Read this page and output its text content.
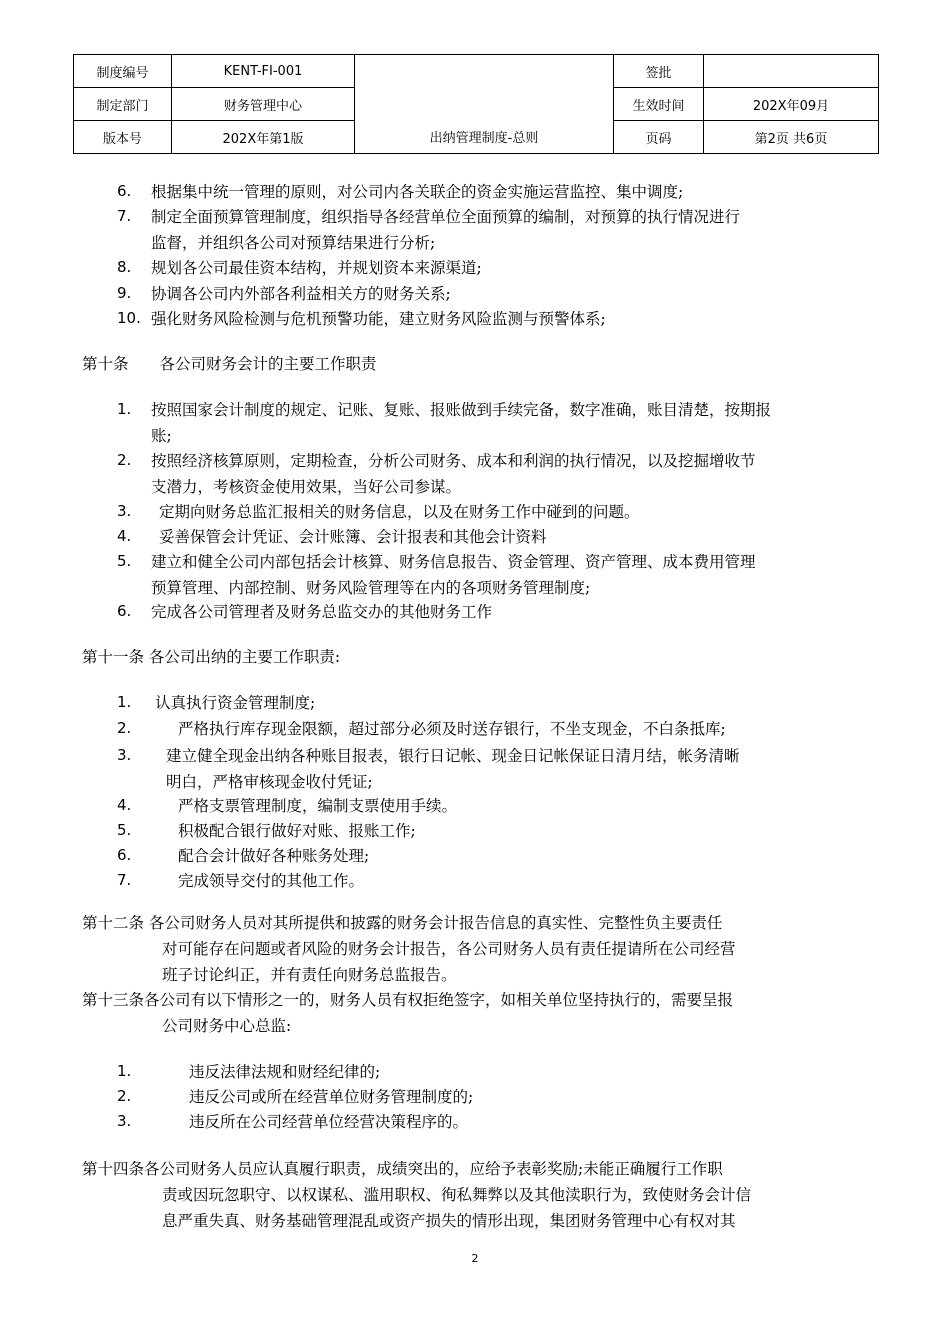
制度编号	KENT-FI-001		签批	
制定部门	财务管理中心		生效时间	202X年09月
版本号	202X年第1版	出纳管理制度-总则	页码	第2页 共6页
6. 根据集中统一管理的原则，对公司内各关联企的资金实施运营监控、集中调度;
7. 制定全面预算管理制度，组织指导各经营单位全面预算的编制，对预算的执行情况进行
监督，并组织各公司对预算结果进行分析;
8. 规划各公司最佳资本结构，并规划资本来源渠道;
9. 协调各公司内外部各利益相关方的财务关系;
10. 强化财务风险检测与危机预警功能，建立财务风险监测与预警体系;
第十条　　各公司财务会计的主要工作职责
1. 按照国家会计制度的规定、记账、复账、报账做到手续完备，数字准确，账目清楚，按期报
账;
2. 按照经济核算原则，定期检查，分析公司财务、成本和利润的执行情况，以及挖掘增收节
支潜力，考核资金使用效果，当好公司参谋。
3. 定期向财务总监汇报相关的财务信息，以及在财务工作中碰到的问题。
4. 妥善保管会计凭证、会计账簿、会计报表和其他会计资料
5. 建立和健全公司内部包括会计核算、财务信息报告、资金管理、资产管理、成本费用管理
预算管理、内部控制、财务风险管理等在内的各项财务管理制度;
6. 完成各公司管理者及财务总监交办的其他财务工作
第十一条 各公司出纳的主要工作职责:
1. 认真执行资金管理制度;
2.	严格执行库存现金限额，超过部分必须及时送存银行，不坐支现金，不白条抵库;
3. 建立健全现金出纳各种账目报表，银行日记帐、现金日记帐保证日清月结，帐务清晰
明白，严格审核现金收付凭证;
4.	严格支票管理制度，编制支票使用手续。
5.	积极配合银行做好对账、报账工作;
6.	配合会计做好各种账务处理;
7.	完成领导交付的其他工作。
第十二条 各公司财务人员对其所提供和披露的财务会计报告信息的真实性、完整性负主要责任
对可能存在问题或者风险的财务会计报告，各公司财务人员有责任提请所在公司经营
班子讨论纠正，并有责任向财务总监报告。
第十三条各公司有以下情形之一的，财务人员有权拒绝签字，如相关单位坚持执行的，需要呈报
公司财务中心总监:
1.	违反法律法规和财经纪律的;
2.	违反公司或所在经营单位财务管理制度的;
3.	违反所在公司经营单位经营决策程序的。
第十四条各公司财务人员应认真履行职责，成绩突出的，应给予表彰奖励;未能正确履行工作职
责或因玩忽职守、以权谋私、滥用职权、徇私舞弊以及其他渎职行为，致使财务会计信
息严重失真、财务基础管理混乱或资产损失的情形出现，集团财务管理中心有权对其
2
